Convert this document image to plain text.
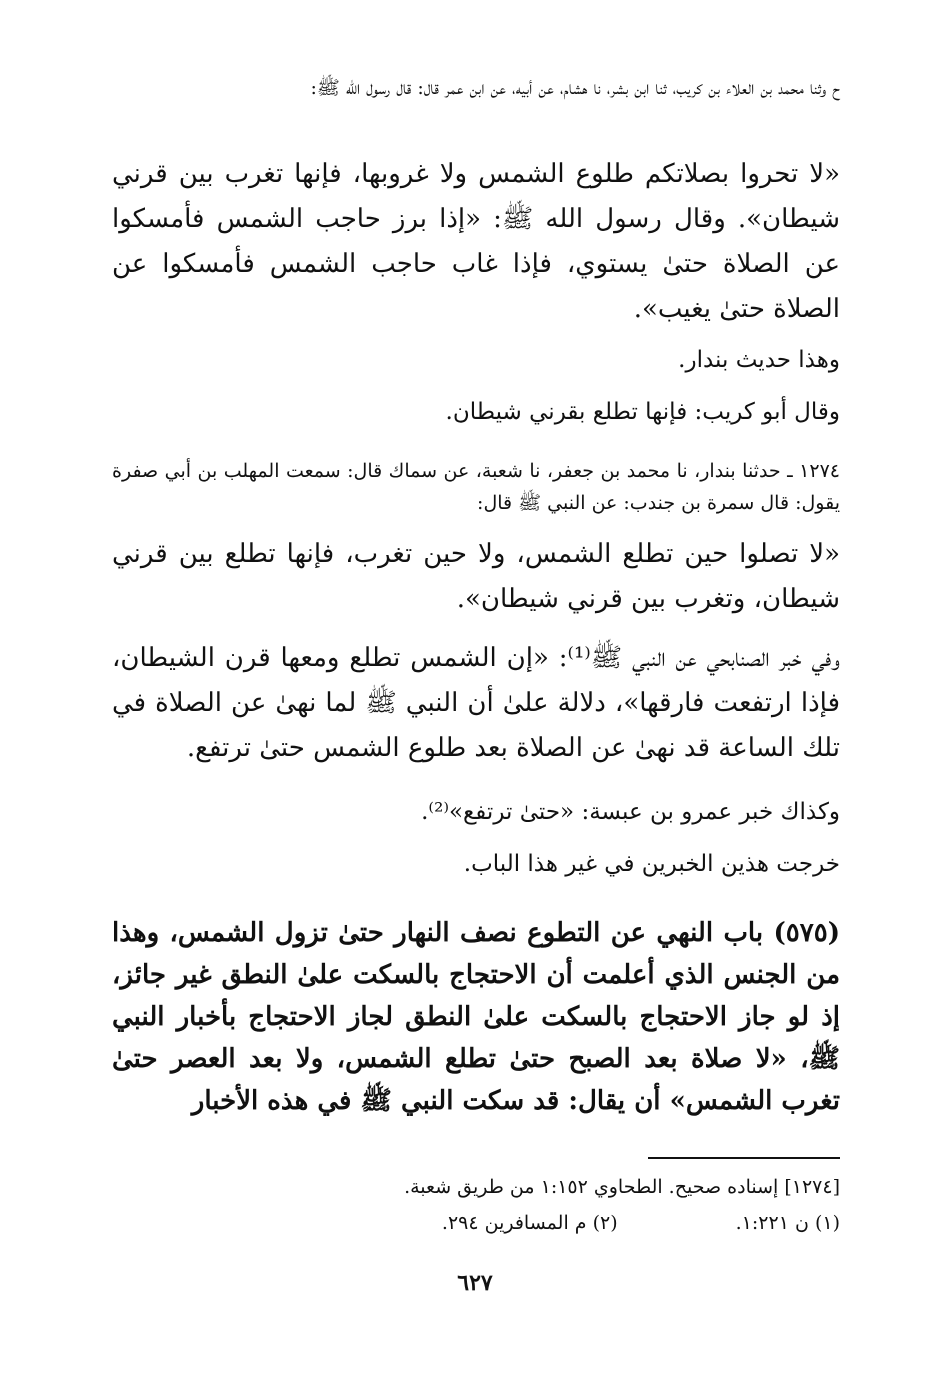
ح وثنا محمد بن العلاء بن كريب، ثنا ابن بشر، نا هشام، عن أبيه، عن ابن عمر قال: قال رسول الله ﷺ:

«لا تحروا بصلاتكم طلوع الشمس ولا غروبها، فإنها تغرب بين قرني شيطان». وقال رسول الله ﷺ: «إذا برز حاجب الشمس فأمسكوا عن الصلاة حتىٰ يستوي، فإذا غاب حاجب الشمس فأمسكوا عن الصلاة حتىٰ يغيب».

وهذا حديث بندار.

وقال أبو كريب: فإنها تطلع بقرني شيطان.

١٢٧٤ ـ حدثنا بندار، نا محمد بن جعفر، نا شعبة، عن سماك قال: سمعت المهلب بن أبي صفرة يقول: قال سمرة بن جندب: عن النبي ﷺ قال:

«لا تصلوا حين تطلع الشمس، ولا حين تغرب، فإنها تطلع بين قرني شيطان، وتغرب بين قرني شيطان».

وفي خبر الصنابحي عن النبي ﷺ⁽¹⁾: «إن الشمس تطلع ومعها قرن الشيطان، فإذا ارتفعت فارقها»، دلالة علىٰ أن النبي ﷺ لما نهىٰ عن الصلاة في تلك الساعة قد نهىٰ عن الصلاة بعد طلوع الشمس حتىٰ ترتفع.

وكذاك خبر عمرو بن عبسة: «حتىٰ ترتفع»⁽²⁾.

خرجت هذين الخبرين في غير هذا الباب.

(٥٧٥) باب النهي عن التطوع نصف النهار حتىٰ تزول الشمس، وهذا من الجنس الذي أعلمت أن الاحتجاج بالسكت علىٰ النطق غير جائز، إذ لو جاز الاحتجاج بالسكت علىٰ النطق لجاز الاحتجاج بأخبار النبي ﷺ، «لا صلاة بعد الصبح حتىٰ تطلع الشمس، ولا بعد العصر حتىٰ تغرب الشمس» أن يقال: قد سكت النبي ﷺ في هذه الأخبار

[١٢٧٤] إسناده صحيح. الطحاوي ١:١٥٢ من طريق شعبة.

(١) ن ١:٢٢١.(٢) م المسافرين ٢٩٤.

٦٢٧
